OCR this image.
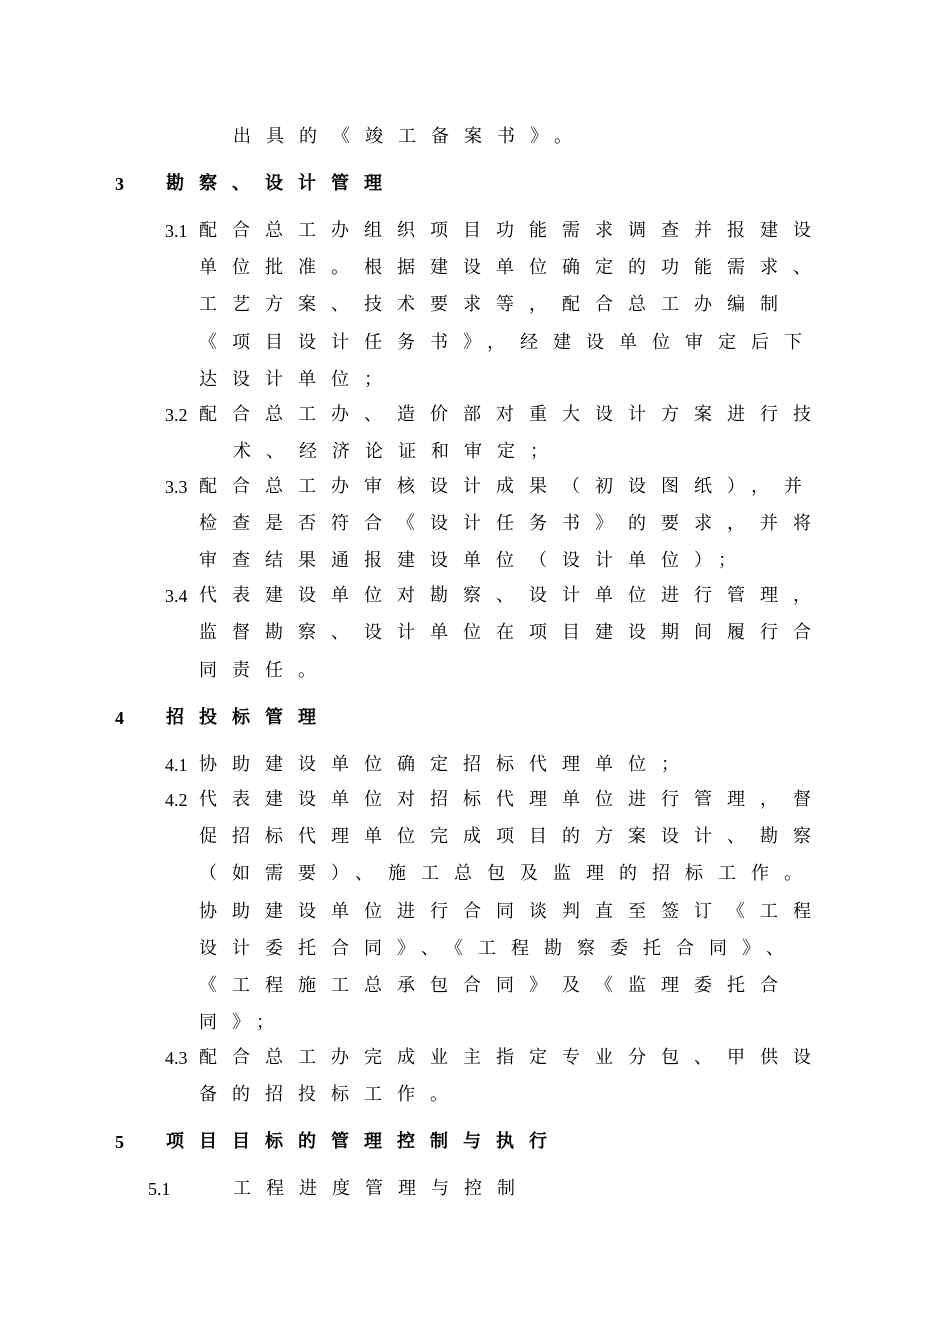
出具的《竣工备案书》。
3 勘察、设计管理
3.1 配合总工办组织项目功能需求调查并报建设
单位批准。根据建设单位确定的功能需求、
工艺方案、技术要求等，配合总工办编制
《项目设计任务书》，经建设单位审定后下
达设计单位；
3.2 配合总工办、造价部对重大设计方案进行技
术、经济论证和审定；
3.3 配合总工办审核设计成果（初设图纸），并
检查是否符合《设计任务书》的要求，并将
审查结果通报建设单位（设计单位）；
3.4 代表建设单位对勘察、设计单位进行管理，
监督勘察、设计单位在项目建设期间履行合
同责任。
4 招投标管理
4.1 协助建设单位确定招标代理单位；
4.2 代表建设单位对招标代理单位进行管理，督
促招标代理单位完成项目的方案设计、勘察
（如需要）、施工总包及监理的招标工作。
协助建设单位进行合同谈判直至签订《工程
设计委托合同》、《工程勘察委托合同》、
《工程施工总承包合同》及《监理委托合
同》；
4.3 配合总工办完成业主指定专业分包、甲供设
备的招投标工作。
5 项目目标的管理控制与执行
5.1	工程进度管理与控制
